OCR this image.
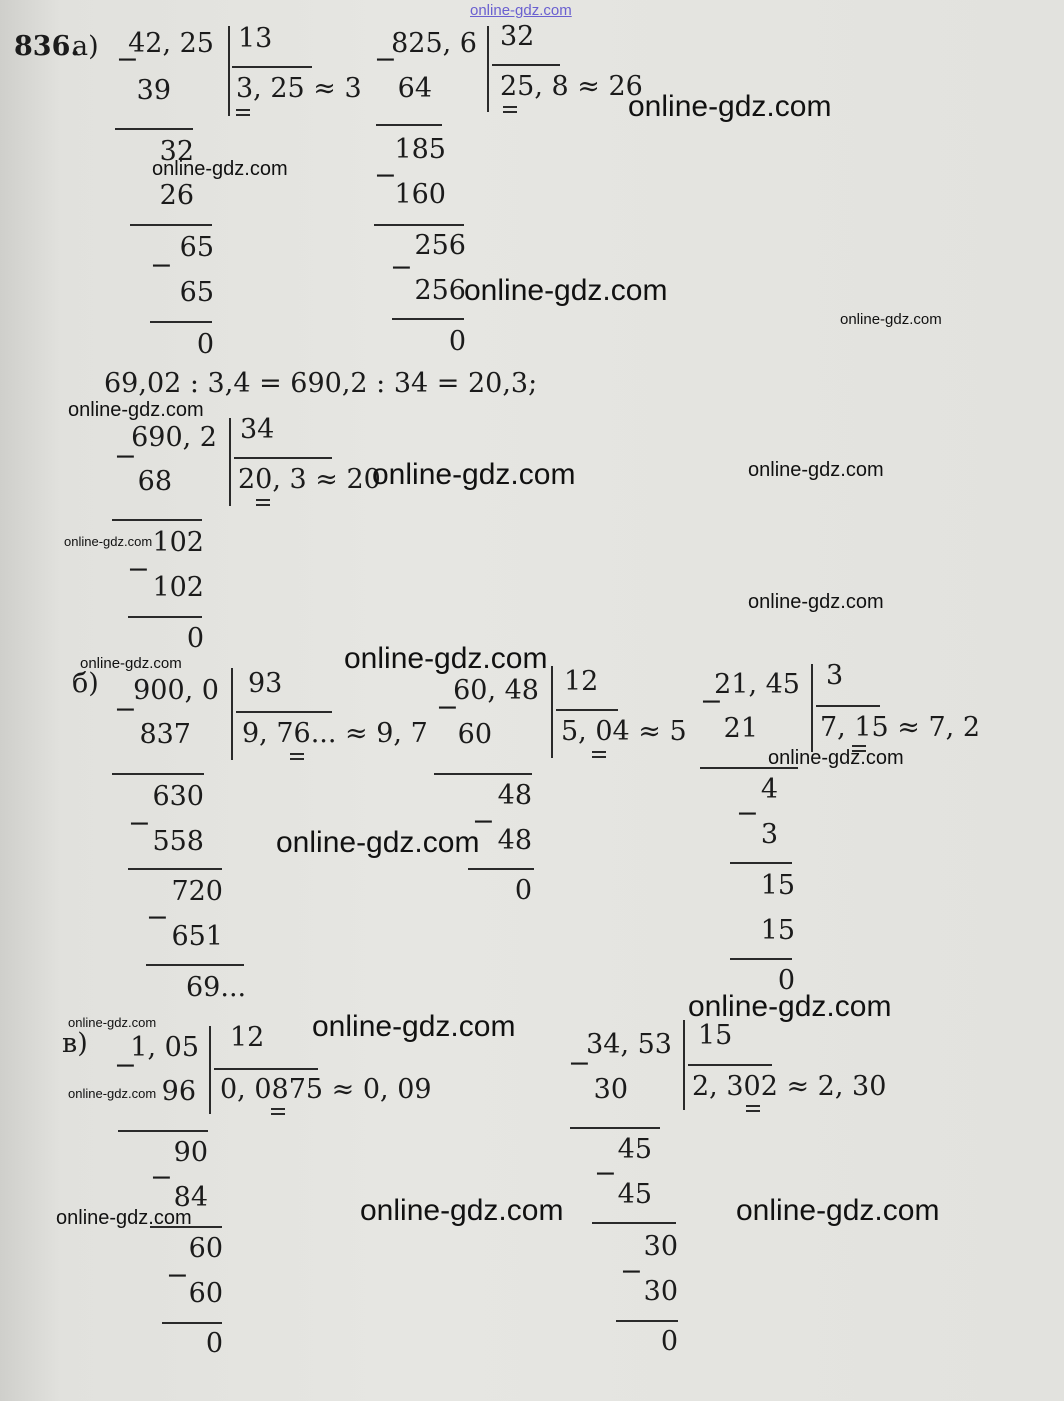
online-gdz.com
836.
а)
б)
в)
42, 25 13
3, 25 ≈ 3
−
39
32
26
−
65
65
0
825, 6 32
25, 8 ≈ 26
−
64
185
−
160
−
256
256
0
69,02 : 3,4 = 690,2 : 34 = 20,3;
690, 2 34
20, 3 ≈ 20
−
68
−
102
102
0
900, 0 93
9, 76... ≈ 9, 7
−
837
−
630
558
−
720
651
69...
60, 48 12
5, 04 ≈ 5
−
60
−
48
48
0
21, 45 3
7, 15 ≈ 7, 2
−
21
−
4
3
15
15
0
1, 05 12
0, 0875 ≈ 0, 09
−
96
−
90
84
−
60
60
0
34, 53 15
2, 302 ≈ 2, 30
−
30
−
45
45
−
30
30
0
online-gdz.com
online-gdz.com
online-gdz.com
online-gdz.com
online-gdz.com
online-gdz.com	online-gdz.com
online-gdz.com
online-gdz.com
online-gdz.com
online-gdz.com
online-gdz.com
online-gdz.com
online-gdz.com
online-gdz.com	online-gdz.com
online-gdz.com
online-gdz.com	online-gdz.com	online-gdz.com
